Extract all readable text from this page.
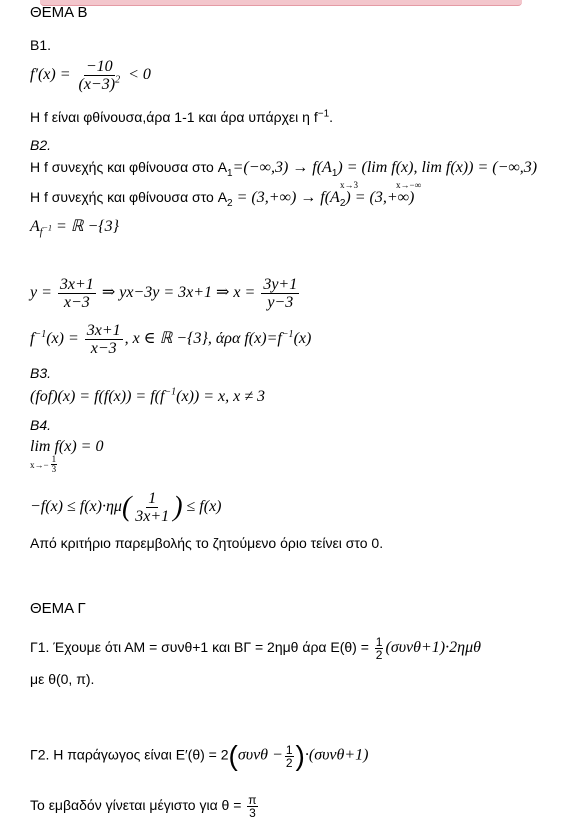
ΘΕΜΑ Β
B1.
$f'(x) = \frac{-10}{(x-3)^2} < 0$
Η f είναι φθίνουσα,άρα 1-1 και άρα υπάρχει η $f^{-1}$.
B2.
Η f συνεχής και φθίνουσα στο $A_1=(-\infty,3) \to f(A_1) = (\lim$ f(x), lim f(x)) = (−∞,3)
x→3	x→−∞
Η f συνεχής και φθίνουσα στο $A_2 = (3,+\infty) \to f(A_2) = (3,+\infty)$
$A_{f^{-1}}$ = ℝ −{3}
$y = \frac{3x+1}{x-3}$ ⇒ yx−3y = 3x+1 ⇒ $x = \frac{3y+1}{y-3}$
$f^{-1}(x) = \frac{3x+1}{x-3}$ , x ∈ ℝ −{3}, άρα $f(x)=f^{-1}(x)$
B3.
$(fof)(x) = f(f(x)) = f(f^{-1}(x)) = x$, x ≠ 3
B4.
lim f(x) = 0
$x\to- \frac{1}{3}$
$-f(x) \le f(x)\cdot\eta\mu( \frac{1}{3x+1}$ ) ≤ f(x)
Από κριτήριο παρεμβολής το ζητούμενο όριο τείνει στο 0.
ΘΕΜΑ Γ
Γ1. Έχουμε ότι ΑΜ = συνθ+1 και ΒΓ = 2ημθ άρα $E(\theta) = \frac{1}{2} (\sigma\upsilon\nu\theta+1)\cdot 2\eta\mu\theta$
με θ(0, π).
Γ2. Η παράγωγος είναι $E'(\theta) = 2(\sigma\upsilon\nu\theta - \frac{1}{2} )\cdot(\sigma\upsilon\nu\theta+1)$
Το εμβαδόν γίνεται μέγιστο για $\theta = \frac{\pi}{3}$
